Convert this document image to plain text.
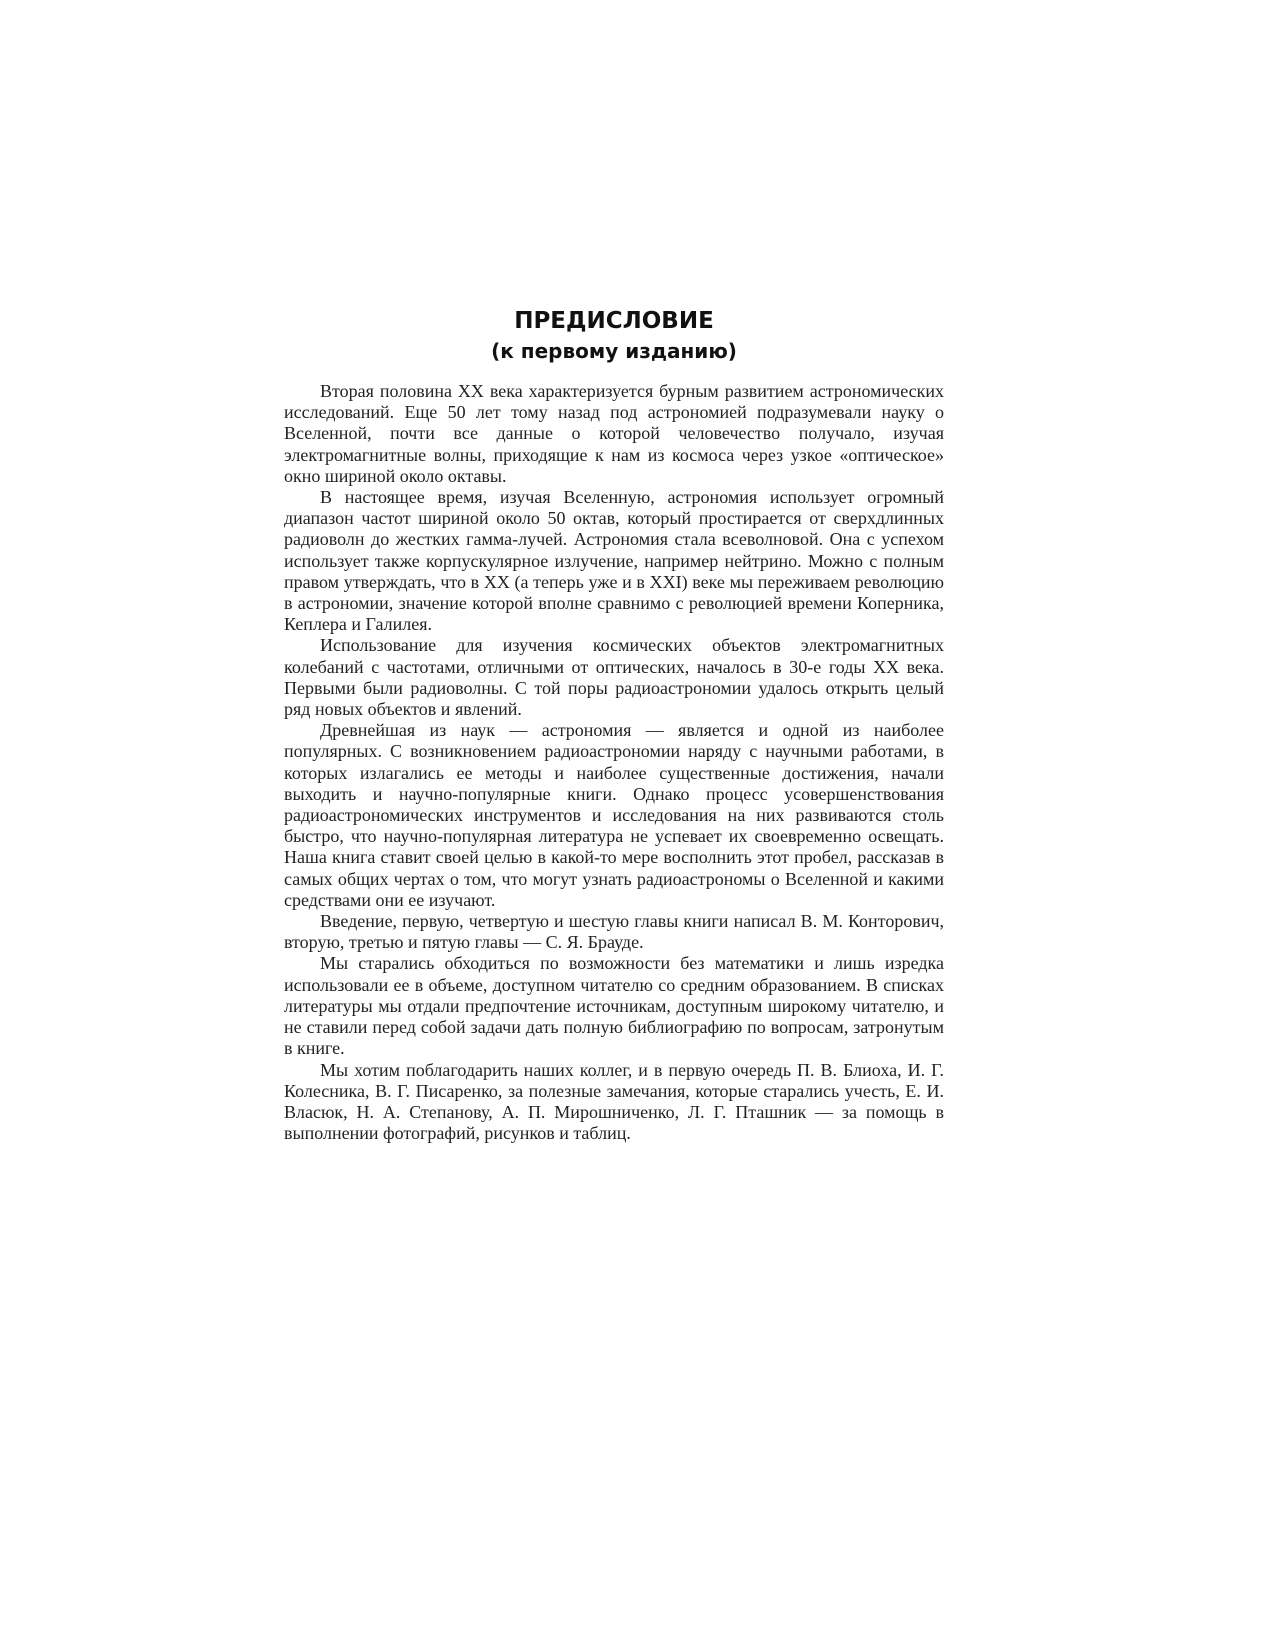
ПРЕДИСЛОВИЕ
(к первому изданию)

Вторая половина XX века характеризуется бурным развитием астрономических исследований. Еще 50 лет тому назад под астрономией подразумевали науку о Вселенной, почти все данные о которой человечество получало, изучая электромагнитные волны, приходящие к нам из космоса через узкое «оптическое» окно шириной около октавы.

В настоящее время, изучая Вселенную, астрономия использует огромный диапазон частот шириной около 50 октав, который простирается от сверхдлинных радиоволн до жестких гамма-лучей. Астрономия стала всеволновой. Она с успехом использует также корпускулярное излучение, например нейтрино. Можно с полным правом утверждать, что в XX (а теперь уже и в XXI) веке мы переживаем революцию в астрономии, значение которой вполне сравнимо с революцией времени Коперника, Кеплера и Галилея.

Использование для изучения космических объектов электромагнитных колебаний с частотами, отличными от оптических, началось в 30-е годы XX века. Первыми были радиоволны. С той поры радиоастрономии удалось открыть целый ряд новых объектов и явлений.

Древнейшая из наук — астрономия — является и одной из наиболее популярных. С возникновением радиоастрономии наряду с научными работами, в которых излагались ее методы и наиболее существенные достижения, начали выходить и научно-популярные книги. Однако процесс усовершенствования радиоастрономических инструментов и исследования на них развиваются столь быстро, что научно-популярная литература не успевает их своевременно освещать. Наша книга ставит своей целью в какой-то мере восполнить этот пробел, рассказав в самых общих чертах о том, что могут узнать радиоастрономы о Вселенной и какими средствами они ее изучают.

Введение, первую, четвертую и шестую главы книги написал В. М. Конторович, вторую, третью и пятую главы — С. Я. Брауде.

Мы старались обходиться по возможности без математики и лишь изредка использовали ее в объеме, доступном читателю со средним образованием. В списках литературы мы отдали предпочтение источникам, доступным широкому читателю, и не ставили перед собой задачи дать полную библиографию по вопросам, затронутым в книге.

Мы хотим поблагодарить наших коллег, и в первую очередь П. В. Блиоха, И. Г. Колесника, В. Г. Писаренко, за полезные замечания, которые старались учесть, Е. И. Власюк, Н. А. Степанову, А. П. Мирошниченко, Л. Г. Пташник — за помощь в выполнении фотографий, рисунков и таблиц.
